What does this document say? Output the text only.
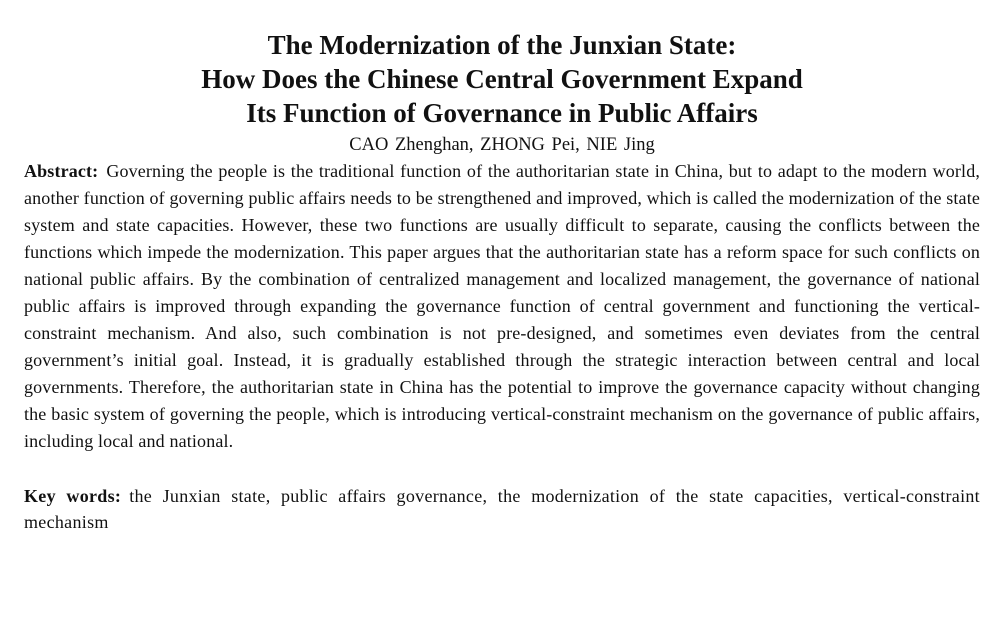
The Modernization of the Junxian State:
How Does the Chinese Central Government Expand
Its Function of Governance in Public Affairs
CAO Zhenghan, ZHONG Pei, NIE Jing
Abstract: Governing the people is the traditional function of the authoritarian state in China, but to adapt to the modern world, another function of governing public affairs needs to be strengthened and improved, which is called the modernization of the state system and state capacities. However, these two functions are usually difficult to separate, causing the conflicts between the functions which impede the modernization. This paper argues that the authoritarian state has a reform space for such conflicts on national public affairs. By the combination of centralized management and localized management, the governance of national public affairs is improved through expanding the governance function of central government and functioning the vertical-constraint mechanism. And also, such combination is not pre-designed, and sometimes even deviates from the central government’s initial goal. Instead, it is gradually established through the strategic interaction between central and local governments. Therefore, the authoritarian state in China has the potential to improve the governance capacity without changing the basic system of governing the people, which is introducing vertical-constraint mechanism on the governance of public affairs, including local and national.
Key words: the Junxian state, public affairs governance, the modernization of the state capacities, vertical-constraint mechanism
